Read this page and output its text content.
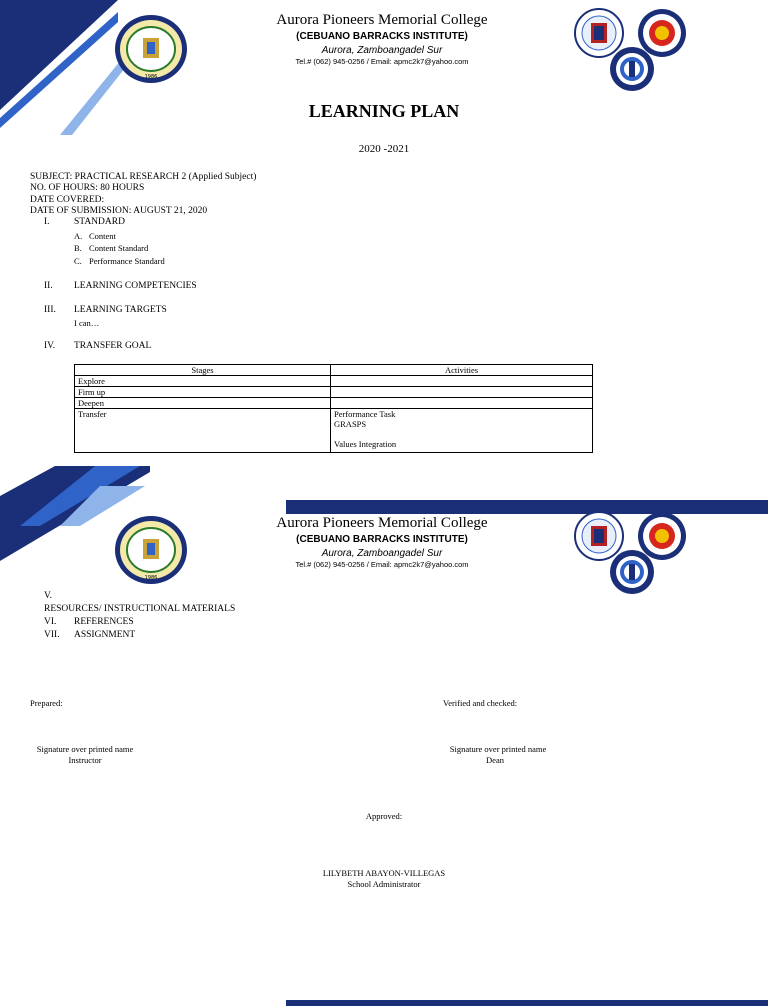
1986
Aurora Pioneers Memorial College
(CEBUANO BARRACKS INSTITUTE)
Aurora, Zamboangadel Sur
Tel.# (062) 945-0256 / Email: apmc2k7@yahoo.com
LEARNING PLAN
2020 -2021
SUBJECT: PRACTICAL RESEARCH 2 (Applied Subject)
NO. OF HOURS: 80 HOURS
DATE COVERED:
DATE OF SUBMISSION: AUGUST 21, 2020
I.	STANDARD
A. Content
B. Content Standard
C. Performance Standard
II. LEARNING COMPETENCIES
III. LEARNING TARGETS
I can…
IV. TRANSFER GOAL
Stages	Activities
Explore	
Firm up	
Deepen	
Transfer	Performance Task
GRASPS
Values Integration
1986
Aurora Pioneers Memorial College
(CEBUANO BARRACKS INSTITUTE)
Aurora, Zamboangadel Sur
Tel.# (062) 945-0256 / Email: apmc2k7@yahoo.com
V.
RESOURCES/ INSTRUCTIONAL MATERIALS
VI. REFERENCES
VII. ASSIGNMENT
Prepared:	Verified and checked:
Signature over printed name
Instructor
Signature over printed name
Dean
Approved:
LILYBETH ABAYON-VILLEGAS
School Administrator
